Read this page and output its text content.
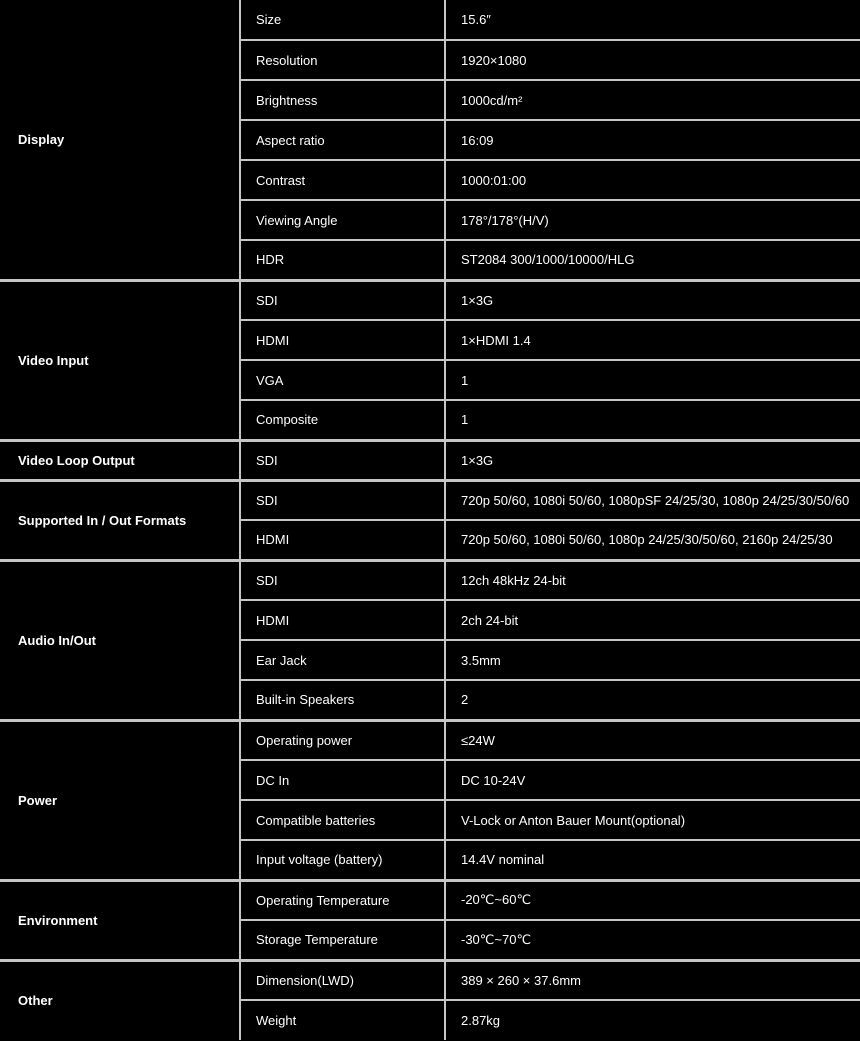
Display	Size	15.6″
	Resolution	1920×1080
	Brightness	1000cd/m²
	Aspect ratio	16:09
	Contrast	1000:01:00
	Viewing Angle	178°/178°(H/V)
	HDR	ST2084 300/1000/10000/HLG
Video Input	SDI	1×3G
	HDMI	1×HDMI 1.4
	VGA	1
	Composite	1
Video Loop Output	SDI	1×3G
Supported In / Out Formats	SDI	720p 50/60, 1080i 50/60, 1080pSF 24/25/30, 1080p 24/25/30/50/60
	HDMI	720p 50/60, 1080i 50/60, 1080p 24/25/30/50/60, 2160p 24/25/30
Audio In/Out	SDI	12ch 48kHz 24-bit
	HDMI	2ch 24-bit
	Ear Jack	3.5mm
	Built-in Speakers	2
Power	Operating power	≤24W
	DC In	DC 10-24V
	Compatible batteries	V-Lock or Anton Bauer Mount(optional)
	Input voltage (battery)	14.4V nominal
Environment	Operating Temperature	-20℃~60℃
	Storage Temperature	-30℃~70℃
Other	Dimension(LWD)	389 × 260 × 37.6mm
	Weight	2.87kg
